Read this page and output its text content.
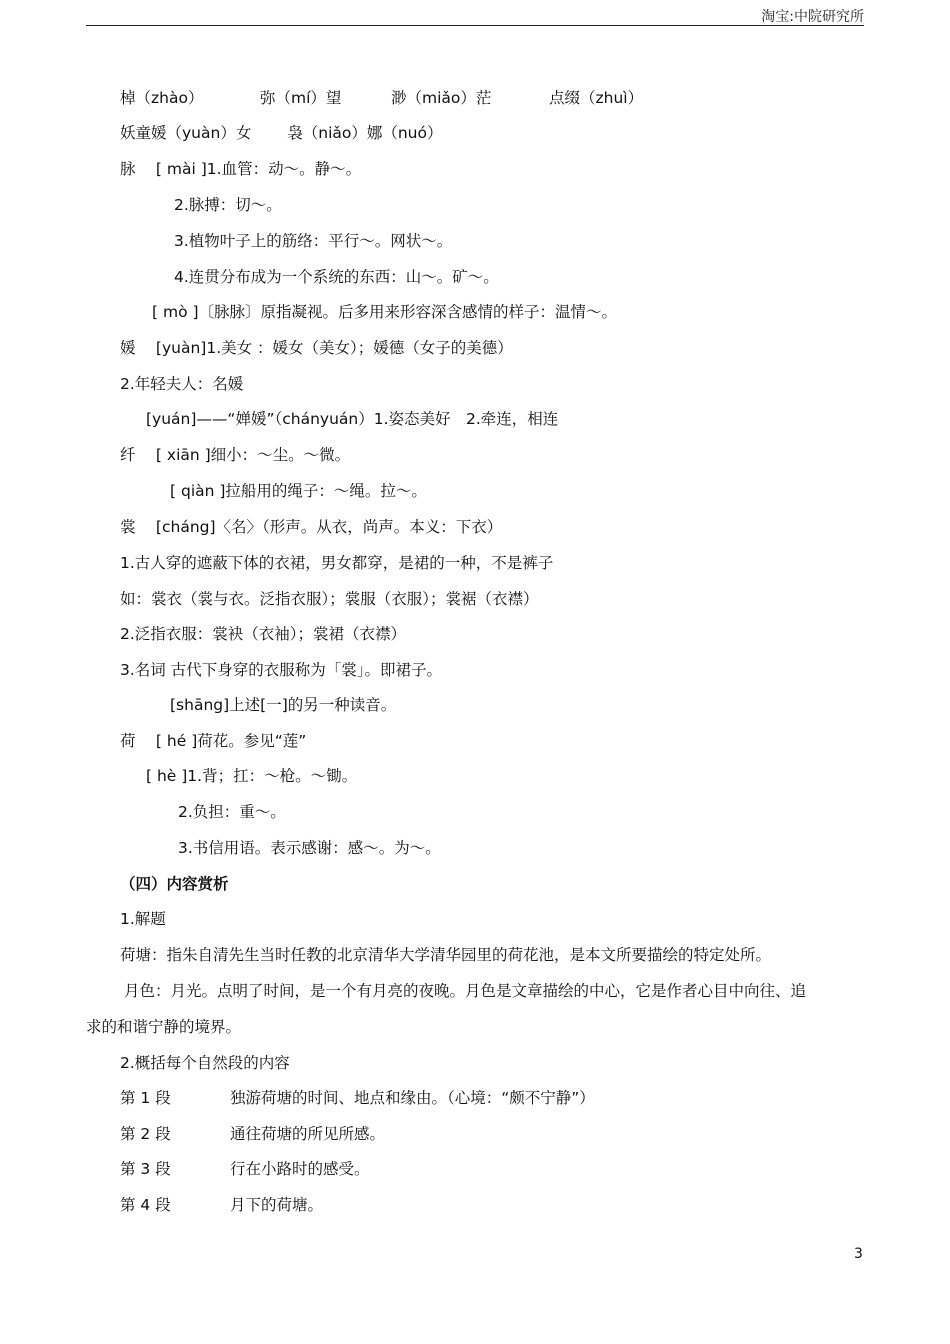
淘宝:中院研究所
棹（zhào）	弥（mí）望	渺（miǎo）茫	点缀（zhuì）
妖童媛（yuàn）女　　 袅（niǎo）娜（nuó）
脉　 [ mài ]1.血管：动～。静～。
2.脉搏：切～。
3.植物叶子上的筋络：平行～。网状～。
4.连贯分布成为一个系统的东西：山～。矿～。
[ mò ]〔脉脉〕原指凝视。后多用来形容深含感情的样子：温情～。
媛　 [yuàn]1.美女 ：媛女（美女）；媛德（女子的美德）
2.年轻夫人：名媛
[yuán]——“婵媛”（chányuán）1.姿态美好　2.牵连，相连
纤　 [ xiān ]细小：～尘。～微。
[ qiàn ]拉船用的绳子：～绳。拉～。
裳　 [cháng]〈名〉（形声。从衣，尚声。本义：下衣）
1.古人穿的遮蔽下体的衣裙，男女都穿，是裙的一种，不是裤子
如：裳衣（裳与衣。泛指衣服）；裳服（衣服）；裳裾（衣襟）
2.泛指衣服：裳袂（衣袖）；裳裙（衣襟）
3.名词 古代下身穿的衣服称为「裳」。即裙子。
[shāng]上述[一]的另一种读音。
荷　 [ hé ]荷花。参见“莲”
[ hè ]1.背；扛：～枪。～锄。
2.负担：重～。
3.书信用语。表示感谢：感～。为～。
（四）内容赏析
1.解题
荷塘：指朱自清先生当时任教的北京清华大学清华园里的荷花池，是本文所要描绘的特定处所。
月色：月光。点明了时间，是一个有月亮的夜晚。月色是文章描绘的中心，它是作者心目中向往、追
求的和谐宁静的境界。
2.概括每个自然段的内容
第 1 段	独游荷塘的时间、地点和缘由。（心境：“颇不宁静”）
第 2 段	通往荷塘的所见所感。
第 3 段	行在小路时的感受。
第 4 段	月下的荷塘。
3
